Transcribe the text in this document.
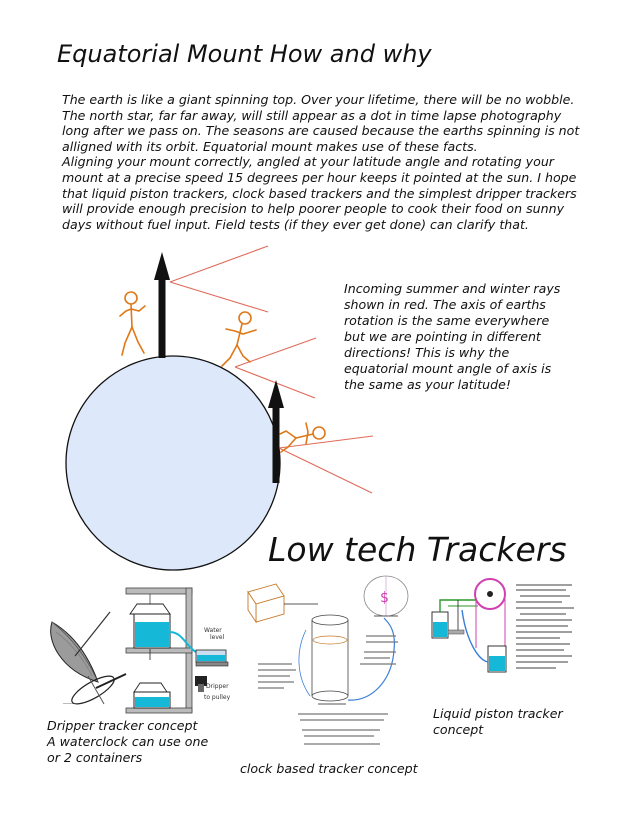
Equatorial Mount How and why

The earth is like a giant spinning top. Over your lifetime, there will be no wobble.

The north star, far far away, will still appear as a dot in time lapse photography

long after we pass on. The seasons are caused because the earths spinning is not

alligned with its orbit. Equatorial mount makes use of these facts.

Aligning your mount correctly, angled at your latitude angle and rotating your

mount at a precise speed 15 degrees per hour keeps it pointed at the sun. I hope

that liquid piston trackers, clock based trackers and the simplest dripper trackers

will provide enough precision to help poorer people to cook their food on sunny

days without fuel input. Field tests (if they ever get done) can clarify that.

────────
Water
level
Dripper
to pulley
$

Incoming summer and winter rays

shown in red. The axis of earths

rotation is the same everywhere

but we are pointing in different

directions! This is why the

equatorial mount angle of axis is

the same as your latitude!

Low tech Trackers

Dripper tracker concept

A waterclock can use one

or 2 containers

clock based tracker concept

Liquid piston tracker

concept
